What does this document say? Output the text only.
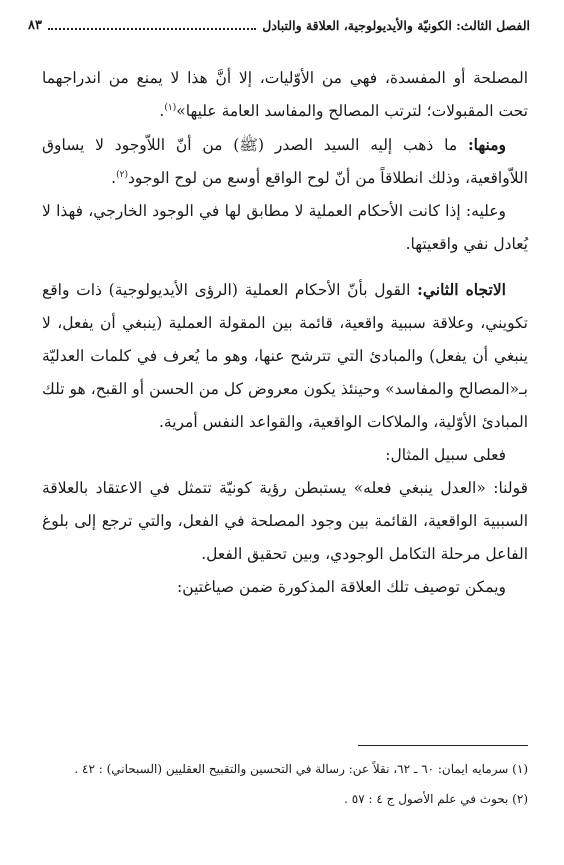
الفصل الثالث: الكونيّة والأيديولوجية، العلاقة والتبادل
٨٣

المصلحة أو المفسدة، فهي من الأوّليات، إلا أنَّ هذا لا يمنع من اندراجهما تحت المقبولات؛ لترتب المصالح والمفاسد العامة عليها»$^{(١)}$.

ومنها: ما ذهب إليه السيد الصدر (ﷺ) من أنّ اللاّوجود لا يساوق اللاّواقعية، وذلك انطلاقاً من أنّ لوح الواقع أوسع من لوح الوجود$^{(٢)}$.

وعليه: إذا كانت الأحكام العملية لا مطابق لها في الوجود الخارجي، فهذا لا يُعادل نفي واقعيتها.

الاتجاه الثاني: القول بأنّ الأحكام العملية (الرؤى الأيديولوجية) ذات واقع تكويني، وعلاقة سببية واقعية، قائمة بين المقولة العملية (ينبغي أن يفعل، لا ينبغي أن يفعل) والمبادئ التي تترشح عنها، وهو ما يُعرف في كلمات العدليّة بـ«المصالح والمفاسد» وحينئذ يكون معروض كل من الحسن أو القبح، هو تلك المبادئ الأوّلية، والملاكات الواقعية، والقواعد النفس أمرية.

فعلى سبيل المثال:

قولنا: «العدل ينبغي فعله» يستبطن رؤية كونيّة تتمثل في الاعتقاد بالعلاقة السببية الواقعية، القائمة بين وجود المصلحة في الفعل، والتي ترجع إلى بلوغ الفاعل مرحلة التكامل الوجودي، وبين تحقيق الفعل.

ويمكن توصيف تلك العلاقة المذكورة ضمن صياغتين:

(١) سرمايه ايمان: ٦٠ ـ ٦٢، نقلاً عن: رسالة في التحسين والتقبيح العقليين (السبحاني) : ٤٢ .

(٢) بحوث في علم الأصول ج ٤ : ٥٧ .
